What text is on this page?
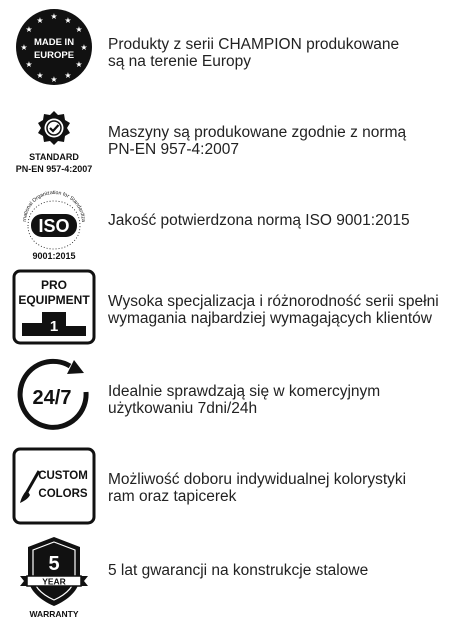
★
★	★
★	★
★	★
★	★
★	★
★
MADE IN
EUROPE
Produkty z serii CHAMPION produkowane
są na terenie Europy
STANDARD
PN-EN 957-4:2007
Maszyny są produkowane zgodnie z normą
PN-EN 957-4:2007
rnational Organization for Standardiza
ISO
9001:2015
Jakość potwierdzona normą ISO 9001:2015
PRO
EQUIPMENT
1
Wysoka specjalizacja i różnorodność serii spełni
wymagania najbardziej wymagających klientów
24/7 Idealnie sprawdzają się w komercyjnym
użytkowaniu 7dni/24h
CUSTOM
COLORS
Możliwość doboru indywidualnej kolorystyki
ram oraz tapicerek
5
YEAR
WARRANTY
5 lat gwarancji na konstrukcje stalowe
